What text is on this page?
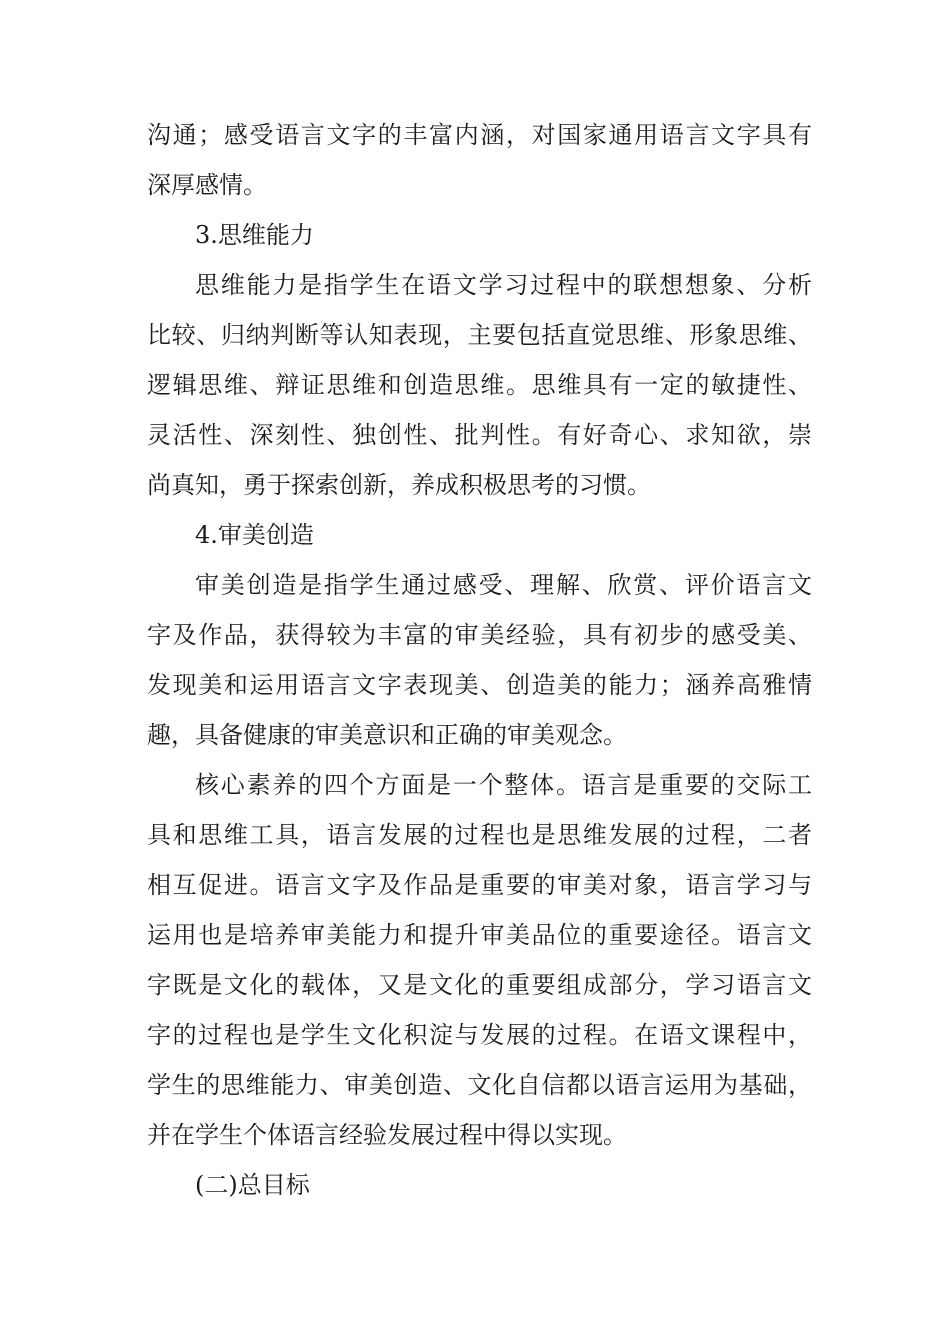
沟通；感受语言文字的丰富内涵，对国家通用语言文字具有
深厚感情。
3.思维能力
思维能力是指学生在语文学习过程中的联想想象、分析
比较、归纳判断等认知表现，主要包括直觉思维、形象思维、
逻辑思维、辩证思维和创造思维。思维具有一定的敏捷性、
灵活性、深刻性、独创性、批判性。有好奇心、求知欲，崇
尚真知，勇于探索创新，养成积极思考的习惯。
4.审美创造
审美创造是指学生通过感受、理解、欣赏、评价语言文
字及作品，获得较为丰富的审美经验，具有初步的感受美、
发现美和运用语言文字表现美、创造美的能力；涵养高雅情
趣，具备健康的审美意识和正确的审美观念。
核心素养的四个方面是一个整体。语言是重要的交际工
具和思维工具，语言发展的过程也是思维发展的过程，二者
相互促进。语言文字及作品是重要的审美对象，语言学习与
运用也是培养审美能力和提升审美品位的重要途径。语言文
字既是文化的载体，又是文化的重要组成部分，学习语言文
字的过程也是学生文化积淀与发展的过程。在语文课程中，
学生的思维能力、审美创造、文化自信都以语言运用为基础，
并在学生个体语言经验发展过程中得以实现。
(二)总目标
